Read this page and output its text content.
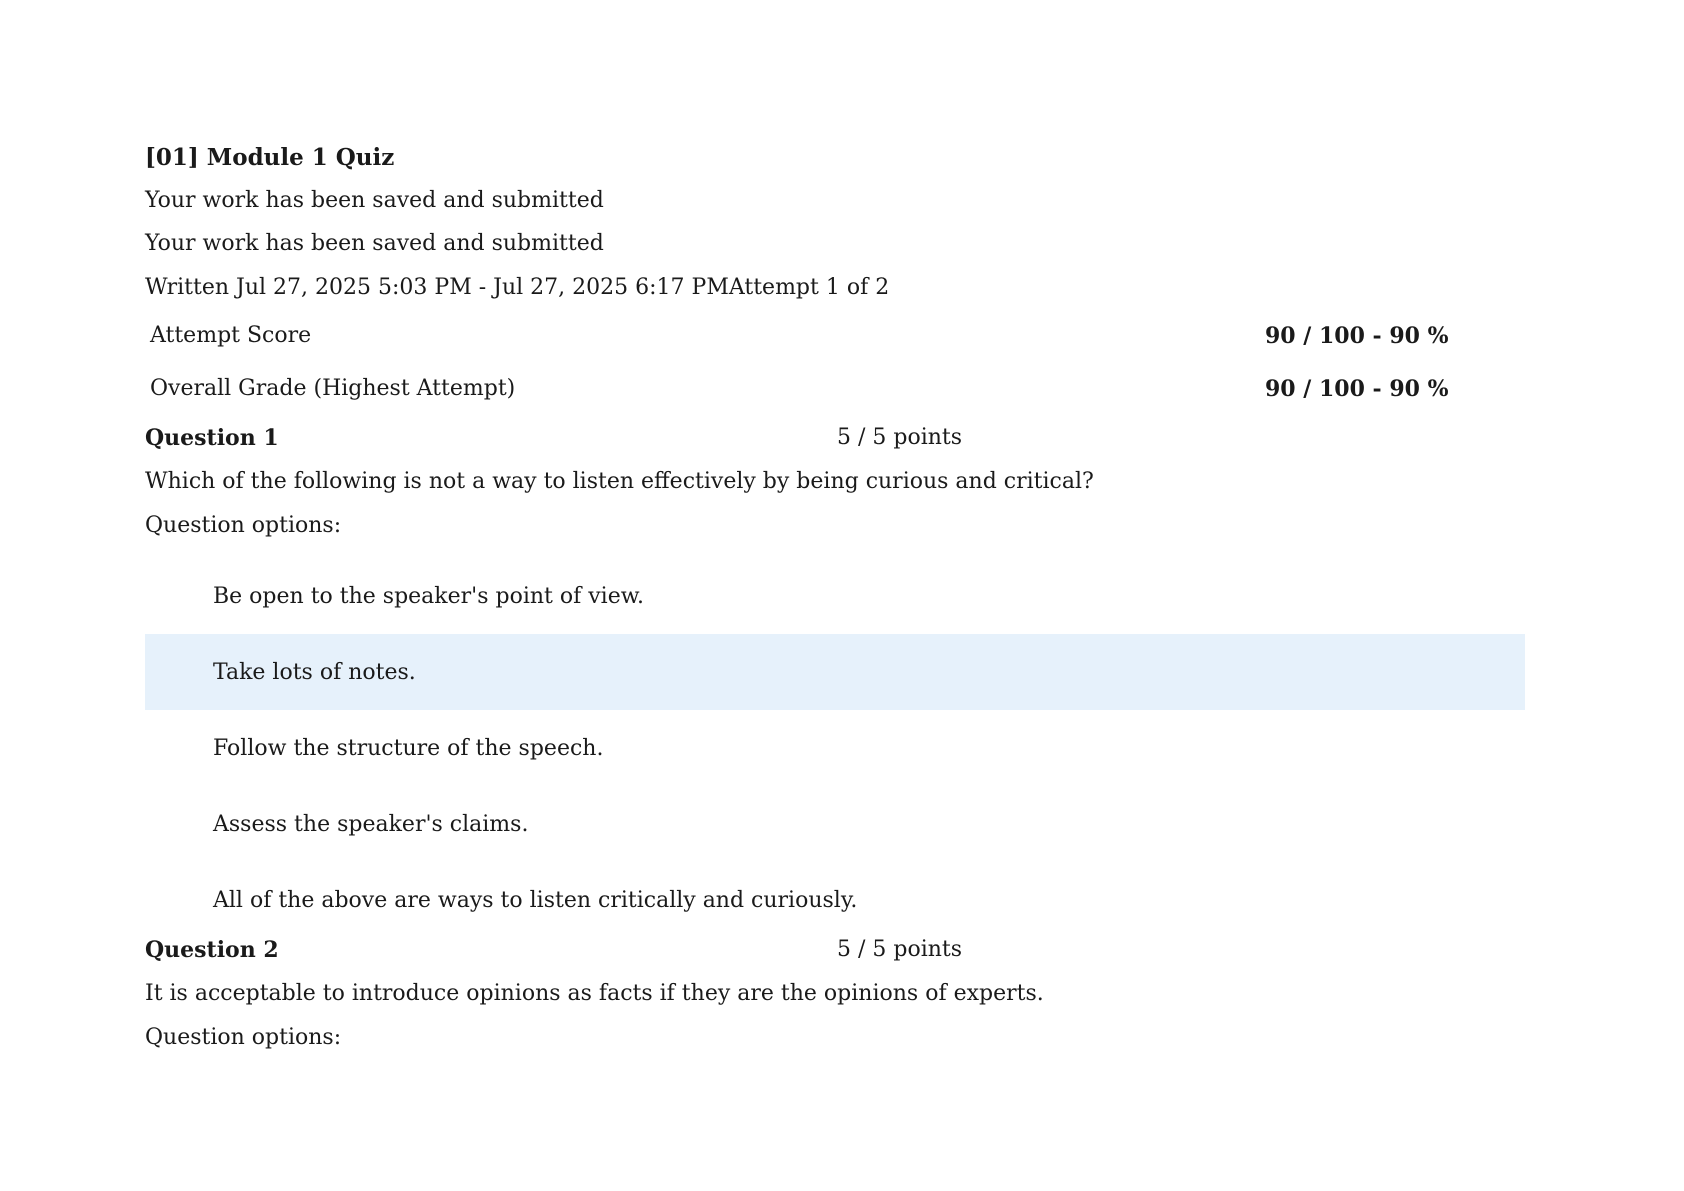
[01] Module 1 Quiz
Your work has been saved and submitted
Your work has been saved and submitted
Written Jul 27, 2025 5:03 PM - Jul 27, 2025 6:17 PMAttempt 1 of 2
Attempt Score	90 / 100 - 90 %
Overall Grade (Highest Attempt)	90 / 100 - 90 %
Question 1	5 / 5 points
Which of the following is not a way to listen effectively by being curious and critical?
Question options:
Be open to the speaker's point of view.
Take lots of notes.
Follow the structure of the speech.
Assess the speaker's claims.
All of the above are ways to listen critically and curiously.
Question 2	5 / 5 points
It is acceptable to introduce opinions as facts if they are the opinions of experts.
Question options:
